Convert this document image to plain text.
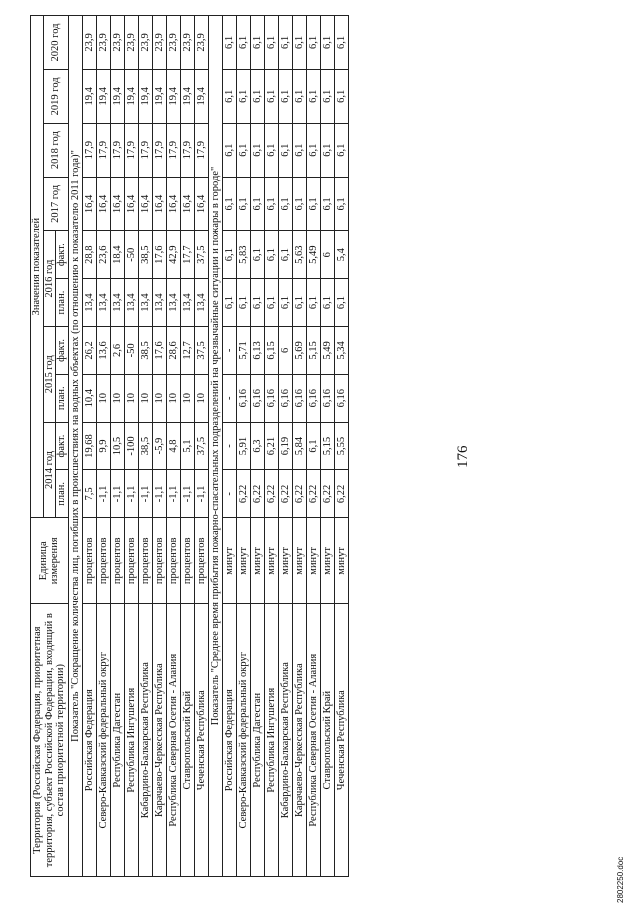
176
Территория (Российская Федерация, приоритетная территория, субъект Российской Федерации, входящий в состав приоритетной территории)	Единица измерения	Значения показателей									
		2014 год		2015 год		2016 год		2017 год	2018 год	2019 год	2020 год
		план.	факт.	план.	факт.	план.	факт.				
Показатель "Сокращение количества лиц, погибших в происшествиях на водных объектах (по отношению к показателю 2011 года)"											
Российская Федерация	процентов	7,5	19,68	10,4	26,2	13,4	28,8	16,4	17,9	19,4	23,9
Северо-Кавказский федеральный округ	процентов	-1,1	9,9	10	13,6	13,4	23,6	16,4	17,9	19,4	23,9
Республика Дагестан	процентов	-1,1	10,5	10	2,6	13,4	18,4	16,4	17,9	19,4	23,9
Республика Ингушетия	процентов	-1,1	-100	10	-50	13,4	-50	16,4	17,9	19,4	23,9
Кабардино-Балкарская Республика	процентов	-1,1	38,5	10	38,5	13,4	38,5	16,4	17,9	19,4	23,9
Карачаево-Черкесская Республика	процентов	-1,1	-5,9	10	17,6	13,4	17,6	16,4	17,9	19,4	23,9
Республика Северная Осетия - Алания	процентов	-1,1	4,8	10	28,6	13,4	42,9	16,4	17,9	19,4	23,9
Ставропольский Край	процентов	-1,1	5,1	10	12,7	13,4	17,7	16,4	17,9	19,4	23,9
Чеченская Республика	процентов	-1,1	37,5	10	37,5	13,4	37,5	16,4	17,9	19,4	23,9
Показатель "Среднее время прибытия пожарно-спасательных подразделений на чрезвычайные ситуации и пожары в городе"											
Российская Федерация	минут	-	-	-	-	6,1	6,1	6,1	6,1	6,1	6,1
Северо-Кавказский федеральный округ	минут	6,22	5,91	6,16	5,71	6,1	5,83	6,1	6,1	6,1	6,1
Республика Дагестан	минут	6,22	6,3	6,16	6,13	6,1	6,1	6,1	6,1	6,1	6,1
Республика Ингушетия	минут	6,22	6,21	6,16	6,15	6,1	6,1	6,1	6,1	6,1	6,1
Кабардино-Балкарская Республика	минут	6,22	6,19	6,16	6	6,1	6,1	6,1	6,1	6,1	6,1
Карачаево-Черкесская Республика	минут	6,22	5,84	6,16	5,69	6,1	5,63	6,1	6,1	6,1	6,1
Республика Северная Осетия - Алания	минут	6,22	6,1	6,16	5,15	6,1	5,49	6,1	6,1	6,1	6,1
Ставропольский Край	минут	6,22	5,15	6,16	5,49	6,1	6	6,1	6,1	6,1	6,1
Чеченская Республика	минут	6,22	5,55	6,16	5,34	6,1	5,4	6,1	6,1	6,1	6,1
2802250.doc
